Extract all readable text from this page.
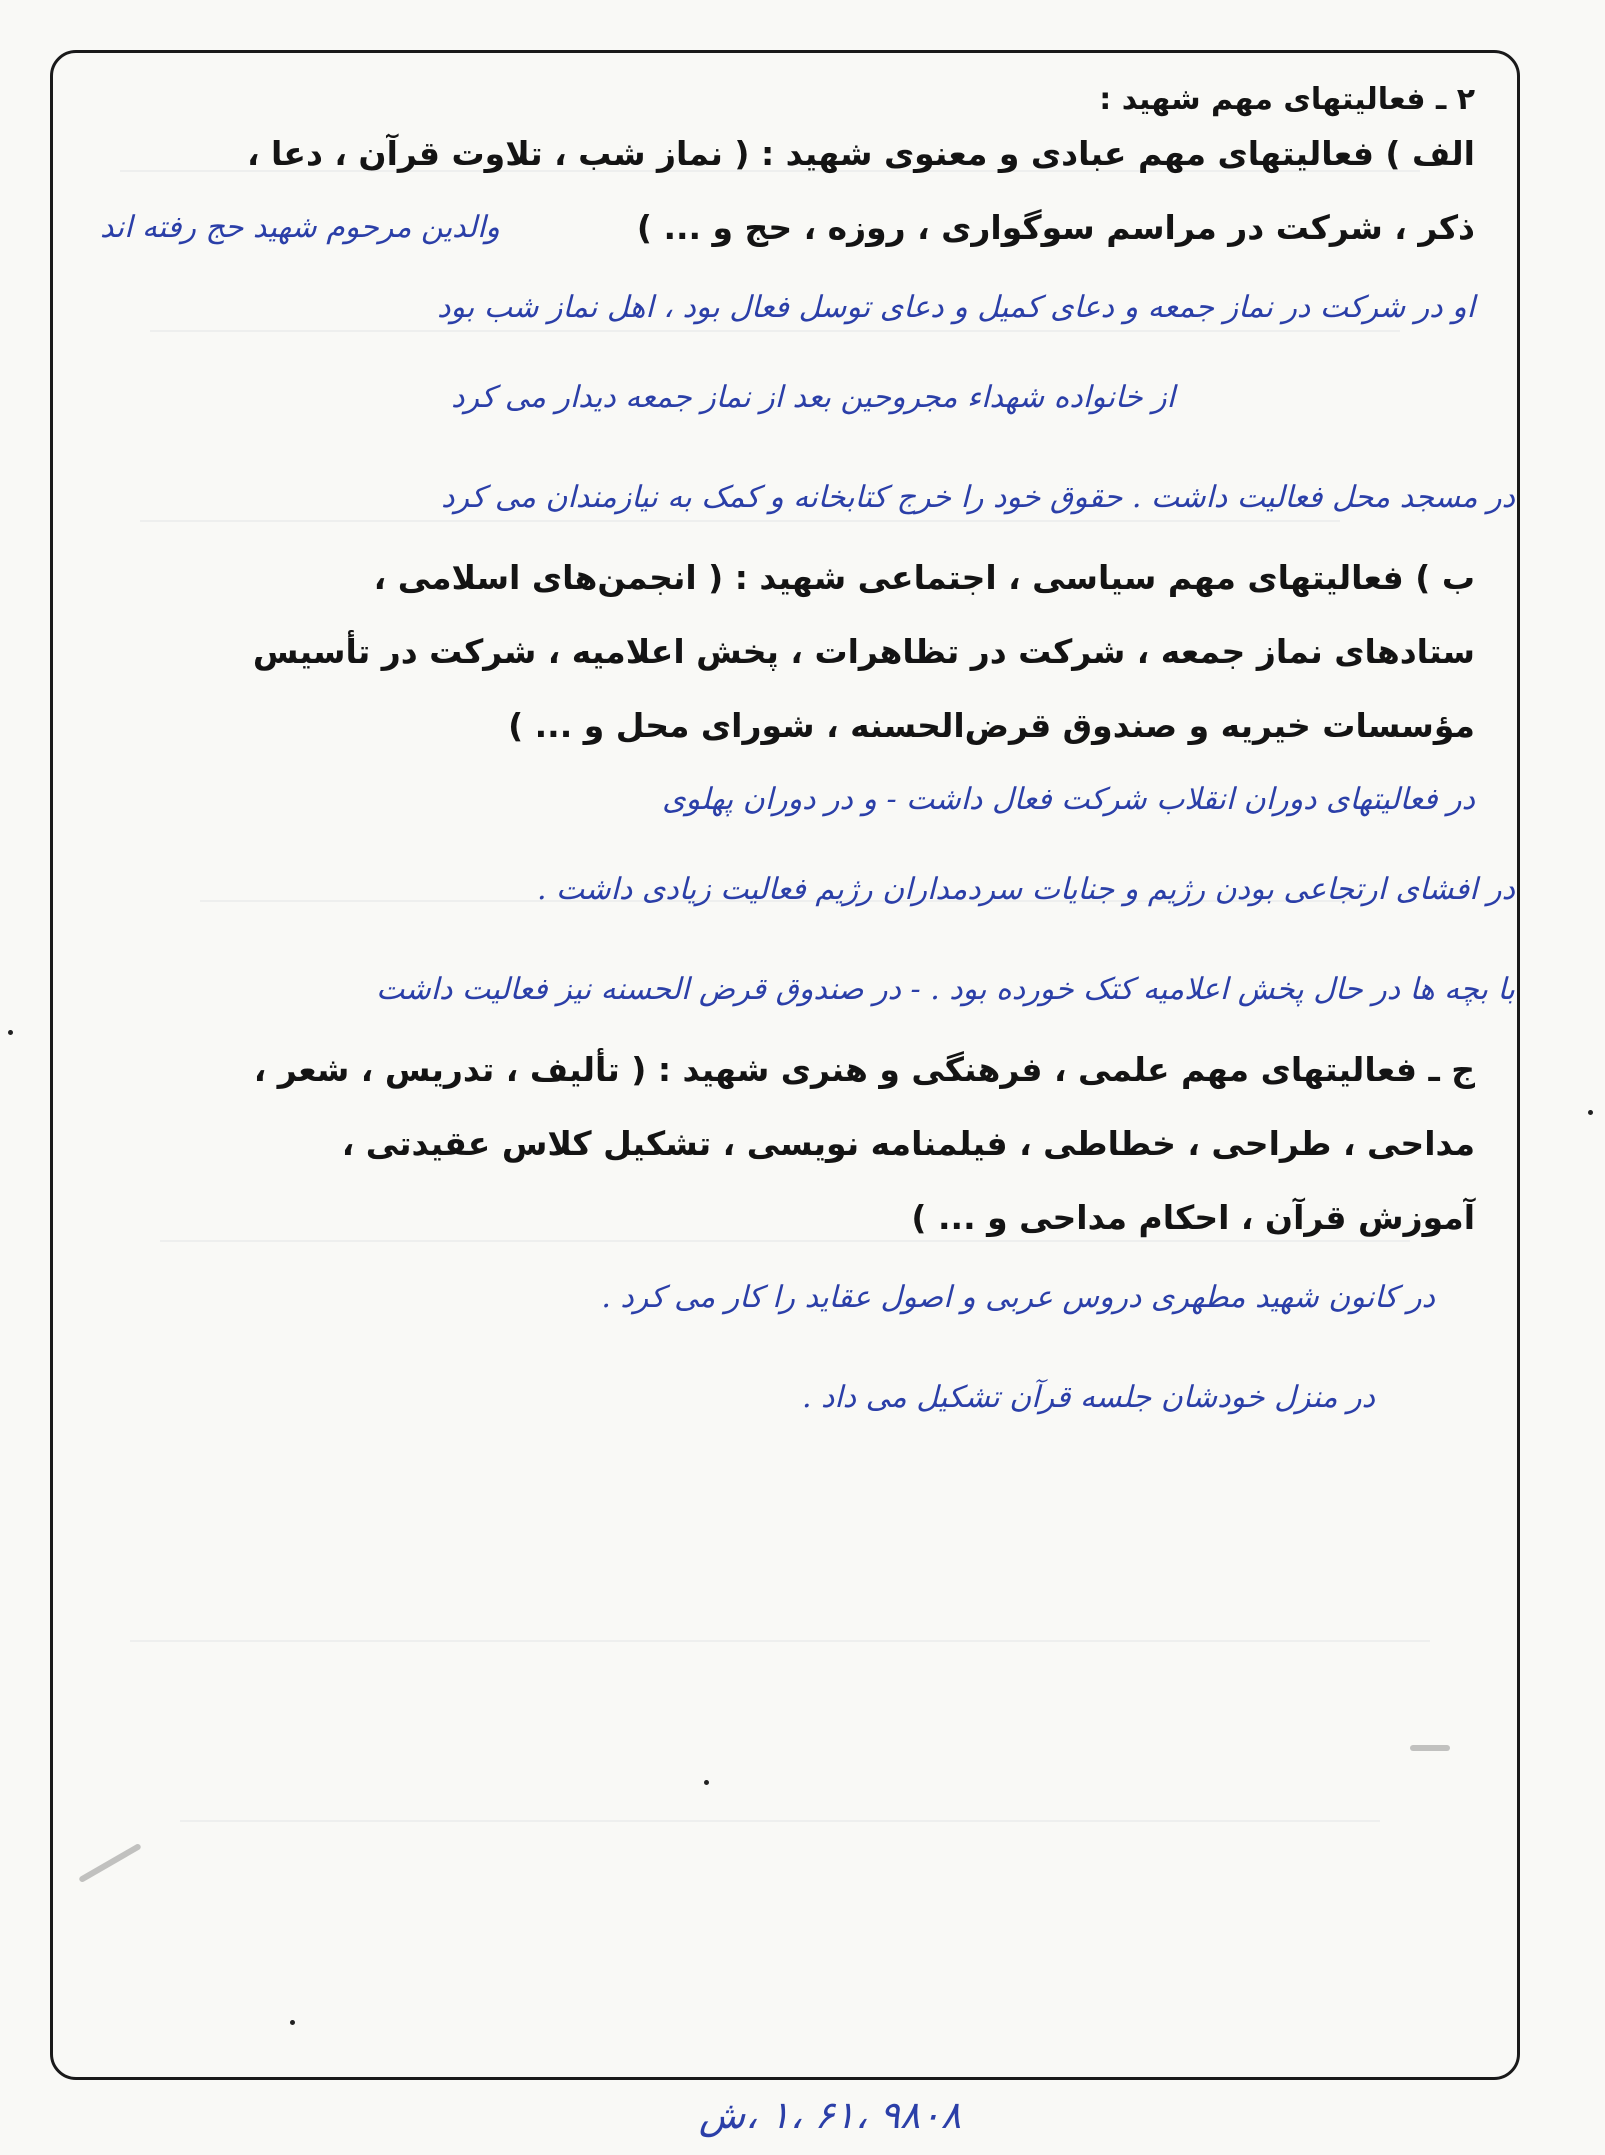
۲ ـ فعالیتهای مهم شهید :
الف ) فعالیتهای مهم عبادی و معنوی شهید : ( نماز شب ، تلاوت قرآن ، دعا ،
ذکر ، شرکت در مراسم سوگواری ، روزه ، حج و ... )
والدین مرحوم شهید حج رفته اند
او در شرکت در نماز جمعه و دعای کمیل و دعای توسل فعال بود ، اهل نماز شب بود
از خانواده شهداء مجروحین بعد از نماز جمعه دیدار می کرد
در مسجد محل فعالیت داشت . حقوق خود را خرج کتابخانه و کمک به نیازمندان می کرد
ب ) فعالیتهای مهم سیاسی ، اجتماعی شهید : ( انجمن‌های اسلامی ،
ستادهای نماز جمعه ، شرکت در تظاهرات ، پخش اعلامیه ، شرکت در تأسیس
مؤسسات خیریه و صندوق قرض‌الحسنه ، شورای محل و ... )
در فعالیتهای دوران انقلاب شرکت فعال داشت - و در دوران پهلوی
در افشای ارتجاعی بودن رژیم و جنایات سردمداران رژیم فعالیت زیادی داشت .
با بچه ها در حال پخش اعلامیه کتک خورده بود . - در صندوق قرض الحسنه نیز فعالیت داشت
ج ـ فعالیتهای مهم علمی ، فرهنگی و هنری شهید : ( تألیف ، تدریس ، شعر ،
مداحی ، طراحی ، خطاطی ، فیلمنامه نویسی ، تشکیل کلاس عقیدتی ،
آموزش قرآن ، احکام مداحی و ... )
در کانون شهید مطهری دروس عربی و اصول عقاید را کار می کرد .
در منزل خودشان جلسه قرآن تشکیل می داد .
۹۸۰۸ ،۶۱ ،۱ ،ش
